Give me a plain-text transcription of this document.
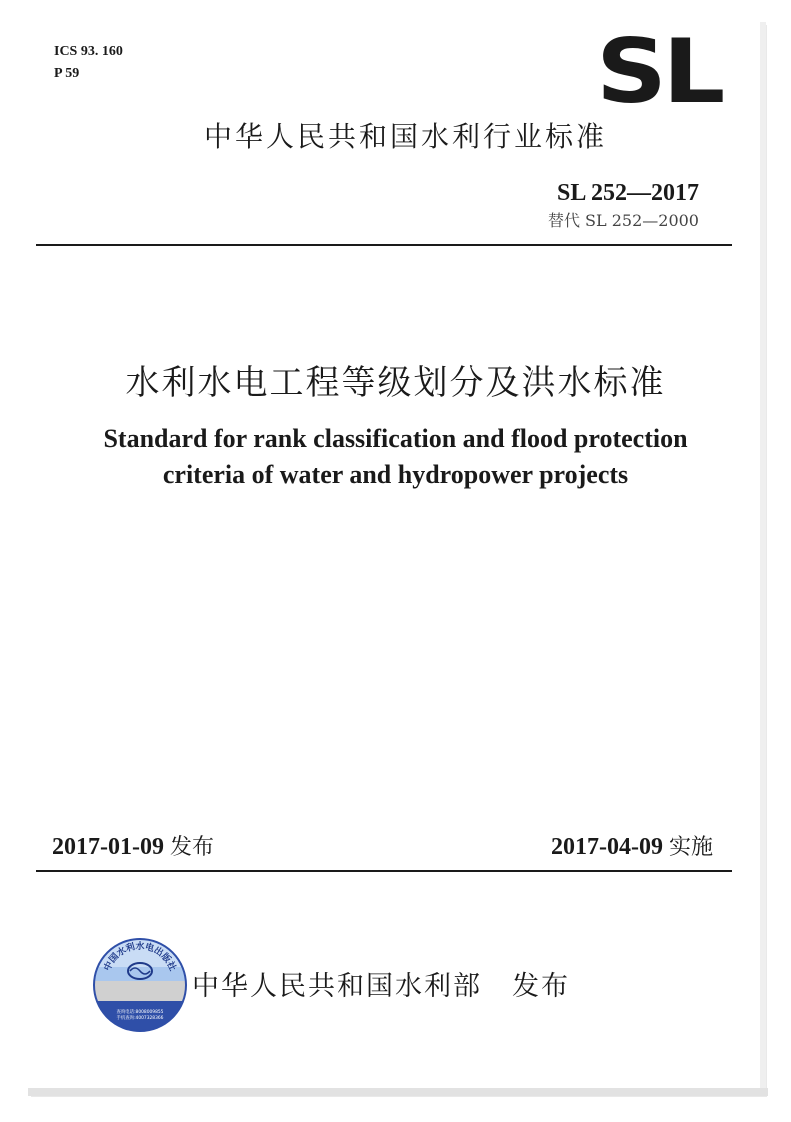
ICS 93. 160

P 59	SL

中华人民共和国水利行业标准

SL 252—2017

替代 SL 252—2000

水利水电工程等级划分及洪水标准

Standard for rank classification and flood protection

criteria of water and hydropower projects

2017-01-09 发布	2017-04-09 实施

中国水利水电出版社
查询电话:8008009855
手机查询:4007328366

中华人民共和国水利部 发布
